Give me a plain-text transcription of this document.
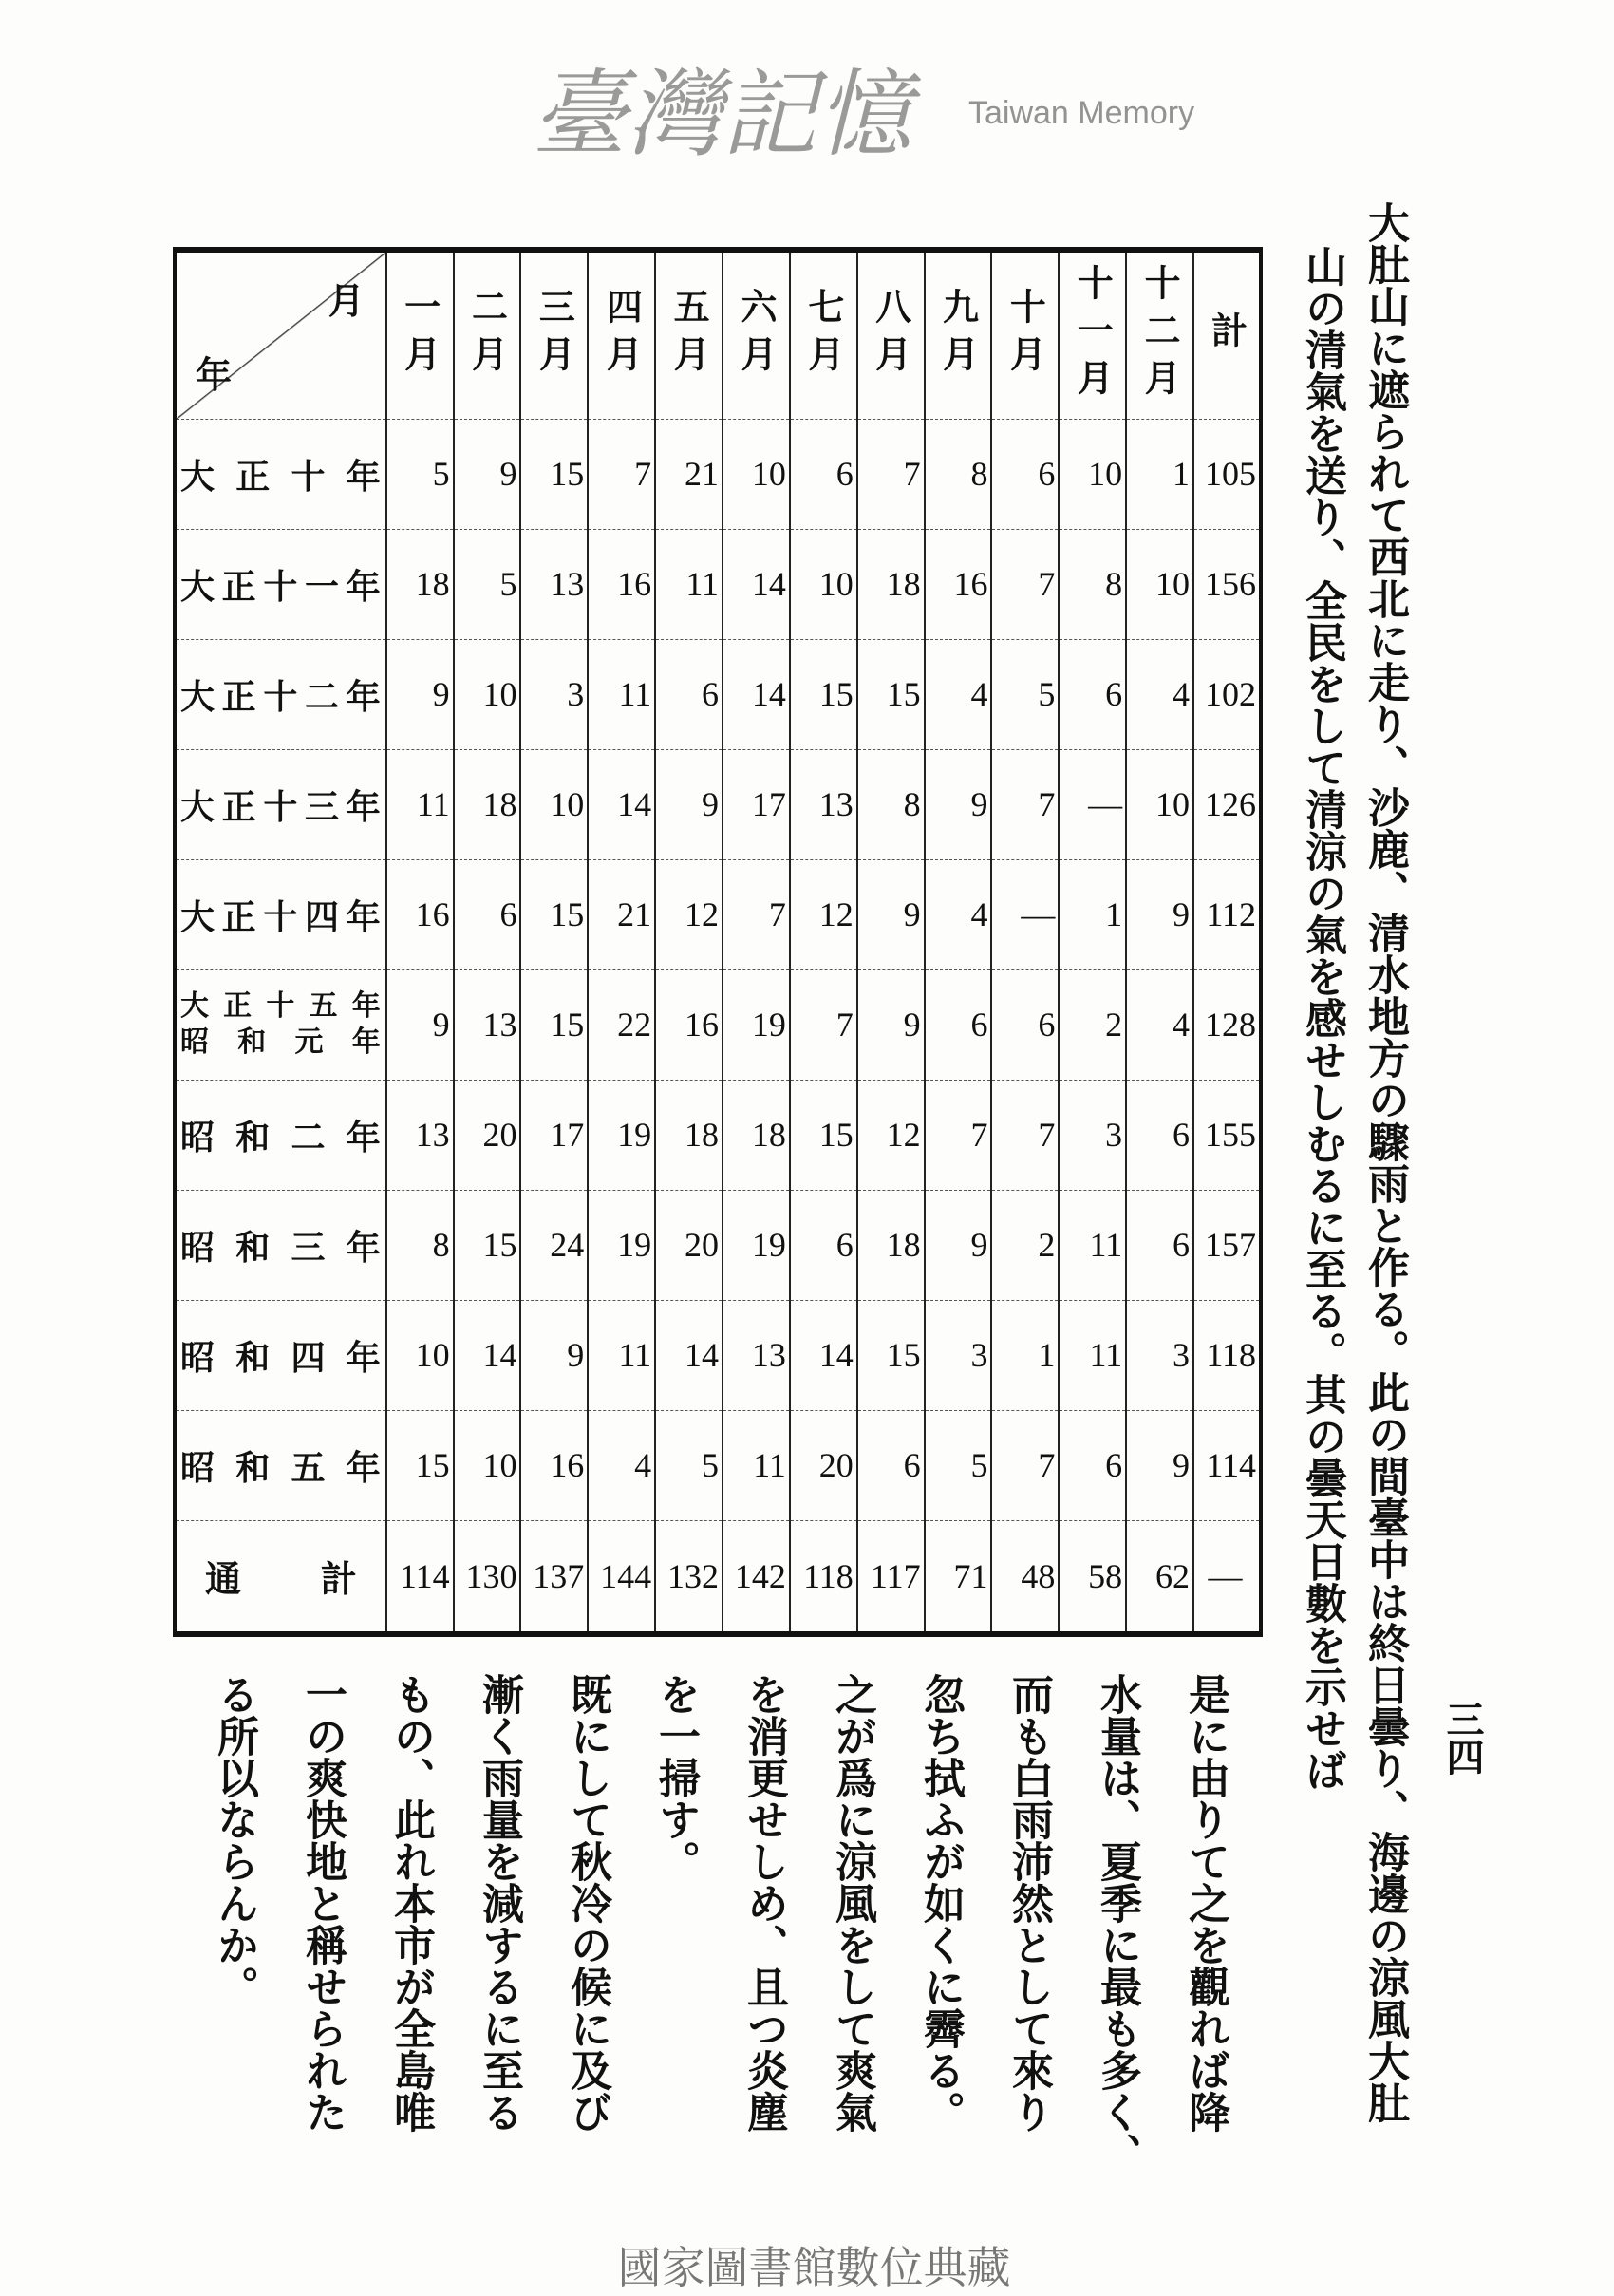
大肚山に遮られて西北に走り、沙鹿、清水地方の驟雨と作る。此の間臺中は終日曇り、海邊の涼風大肚
山の清氣を送り、全民をして清涼の氣を感せしむるに至る。其の曇天日數を示せば 三四
月
年	一月	二月	三月	四月	五月	六月	七月	八月	九月	十月	十一月	十二月	計
大正十年	5	9	15	7	21	10	6	7	8	6	10	1	105
大正十一年	18	5	13	16	11	14	10	18	16	7	8	10	156
大正十二年	9	10	3	11	6	14	15	15	4	5	6	4	102
大正十三年	11	18	10	14	9	17	13	8	9	7	—	10	126
大正十四年	16	6	15	21	12	7	12	9	4	—	1	9	112
大正十五年
昭和元年	9	13	15	22	16	19	7	9	6	6	2	4	128
昭和二年	13	20	17	19	18	18	15	12	7	7	3	6	155
昭和三年	8	15	24	19	20	19	6	18	9	2	11	6	157
昭和四年	10	14	9	11	14	13	14	15	3	1	11	3	118
昭和五年	15	10	16	4	5	11	20	6	5	7	6	9	114

通 計	114	130	137	144	132	142	118	117	71	48	58	62	—
是に由りて之を觀れば降
水量は、夏季に最も多く、
而も白雨沛然として來り
忽ち拭ふが如くに霽る。
之が爲に涼風をして爽氣
を消更せしめ、且つ炎塵
を一掃す。
既にして秋冷の候に及び
漸く雨量を減するに至る
もの、此れ本市が全島唯
一の爽快地と稱せられた
る所以ならんか。
臺灣記憶 Taiwan Memory
國家圖書館數位典藏
